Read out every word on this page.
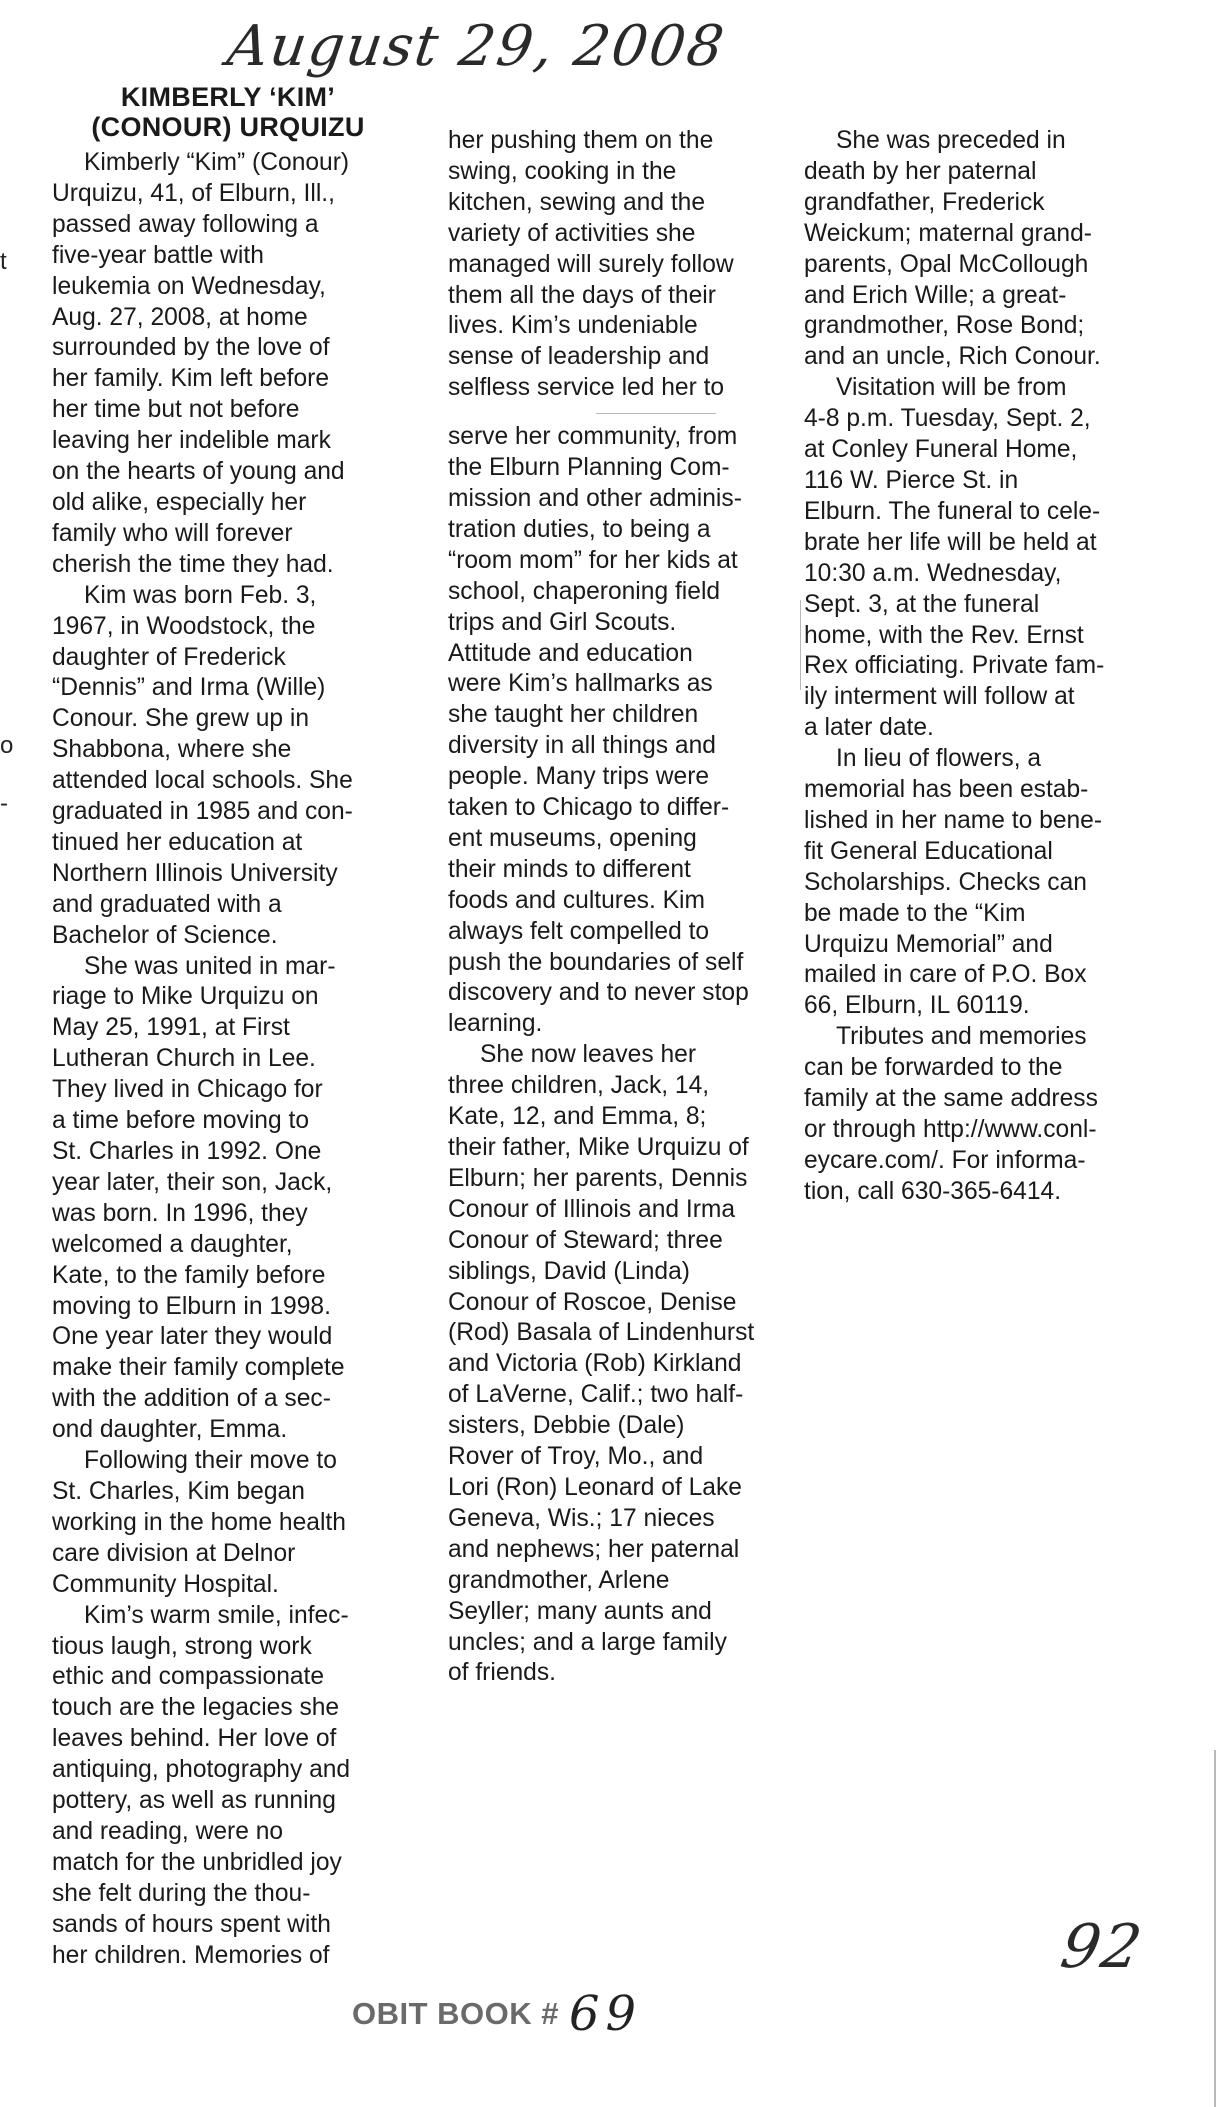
August 29, 2008
t
o
-
KIMBERLY ‘KIM’
(CONOUR) URQUIZU

Kimberly “Kim” (Conour)
Urquizu, 41, of Elburn, Ill.,
passed away following a
five-year battle with
leukemia on Wednesday,
Aug. 27, 2008, at home
surrounded by the love of
her family. Kim left before
her time but not before
leaving her indelible mark
on the hearts of young and
old alike, especially her
family who will forever
cherish the time they had.

Kim was born Feb. 3,
1967, in Woodstock, the
daughter of Frederick
“Dennis” and Irma (Wille)
Conour. She grew up in
Shabbona, where she
attended local schools. She
graduated in 1985 and con-
tinued her education at
Northern Illinois University
and graduated with a
Bachelor of Science.

She was united in mar-
riage to Mike Urquizu on
May 25, 1991, at First
Lutheran Church in Lee.
They lived in Chicago for
a time before moving to
St. Charles in 1992. One
year later, their son, Jack,
was born. In 1996, they
welcomed a daughter,
Kate, to the family before
moving to Elburn in 1998.
One year later they would
make their family complete
with the addition of a sec-
ond daughter, Emma.

Following their move to
St. Charles, Kim began
working in the home health
care division at Delnor
Community Hospital.

Kim’s warm smile, infec-
tious laugh, strong work
ethic and compassionate
touch are the legacies she
leaves behind. Her love of
antiquing, photography and
pottery, as well as running
and reading, were no
match for the unbridled joy
she felt during the thou-
sands of hours spent with
her children. Memories of

her pushing them on the
swing, cooking in the
kitchen, sewing and the
variety of activities she
managed will surely follow
them all the days of their
lives. Kim’s undeniable
sense of leadership and
selfless service led her to

serve her community, from
the Elburn Planning Com-
mission and other adminis-
tration duties, to being a
“room mom” for her kids at
school, chaperoning field
trips and Girl Scouts.
Attitude and education
were Kim’s hallmarks as
she taught her children
diversity in all things and
people. Many trips were
taken to Chicago to differ-
ent museums, opening
their minds to different
foods and cultures. Kim
always felt compelled to
push the boundaries of self
discovery and to never stop
learning.

She now leaves her
three children, Jack, 14,
Kate, 12, and Emma, 8;
their father, Mike Urquizu of
Elburn; her parents, Dennis
Conour of Illinois and Irma
Conour of Steward; three
siblings, David (Linda)
Conour of Roscoe, Denise
(Rod) Basala of Lindenhurst
and Victoria (Rob) Kirkland
of LaVerne, Calif.; two half-
sisters, Debbie (Dale)
Rover of Troy, Mo., and
Lori (Ron) Leonard of Lake
Geneva, Wis.; 17 nieces
and nephews; her paternal
grandmother, Arlene
Seyller; many aunts and
uncles; and a large family
of friends.

She was preceded in
death by her paternal
grandfather, Frederick
Weickum; maternal grand-
parents, Opal McCollough
and Erich Wille; a great-
grandmother, Rose Bond;
and an uncle, Rich Conour.

Visitation will be from
4-8 p.m. Tuesday, Sept. 2,
at Conley Funeral Home,
116 W. Pierce St. in
Elburn. The funeral to cele-
brate her life will be held at
10:30 a.m. Wednesday,
Sept. 3, at the funeral
home, with the Rev. Ernst
Rex officiating. Private fam-
ily interment will follow at
a later date.

In lieu of flowers, a
memorial has been estab-
lished in her name to bene-
fit General Educational
Scholarships. Checks can
be made to the “Kim
Urquizu Memorial” and
mailed in care of P.O. Box
66, Elburn, IL 60119.

Tributes and memories
can be forwarded to the
family at the same address
or through http://www.conl-
eycare.com/. For informa-
tion, call 630-365-6414.

OBIT BOOK # 69
92
